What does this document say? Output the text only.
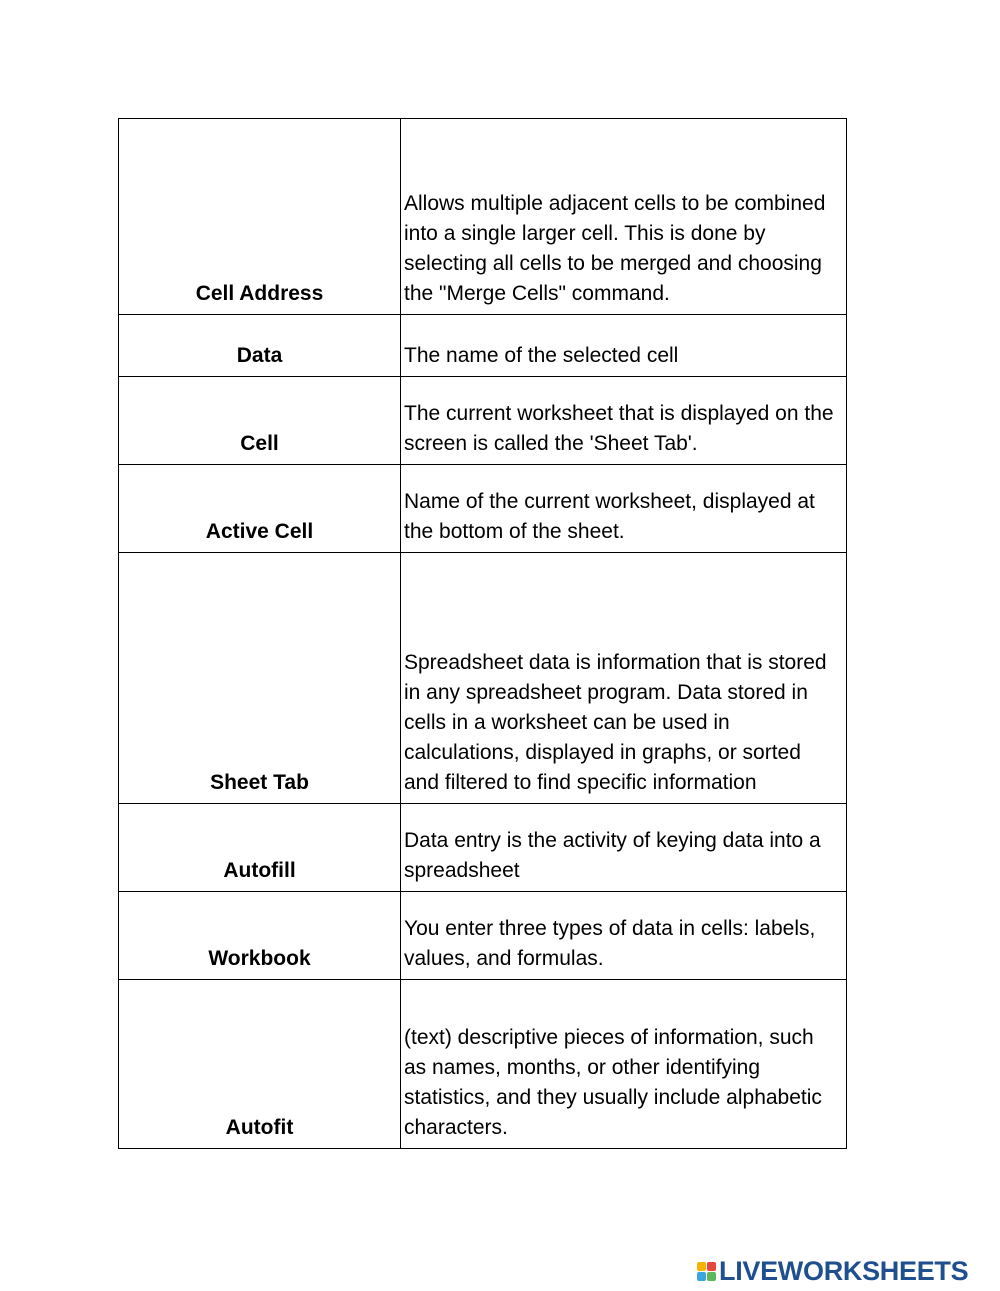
Cell Address	Allows multiple adjacent cells to be combined into a single larger cell. This is done by selecting all cells to be merged and choosing the "Merge Cells" command.
Data	The name of the selected cell
Cell	The current worksheet that is displayed on the screen is called the 'Sheet Tab'.
Active Cell	Name of the current worksheet, displayed at the bottom of the sheet.
Sheet Tab	Spreadsheet data is information that is stored in any spreadsheet program. Data stored in cells in a worksheet can be used in calculations, displayed in graphs, or sorted and filtered to find specific information
Autofill	Data entry is the activity of keying data into a spreadsheet
Workbook	You enter three types of data in cells: labels, values, and formulas.
Autofit	(text) descriptive pieces of information, such as names, months, or other identifying statistics, and they usually include alphabetic characters.
LIVEWORKSHEETS
